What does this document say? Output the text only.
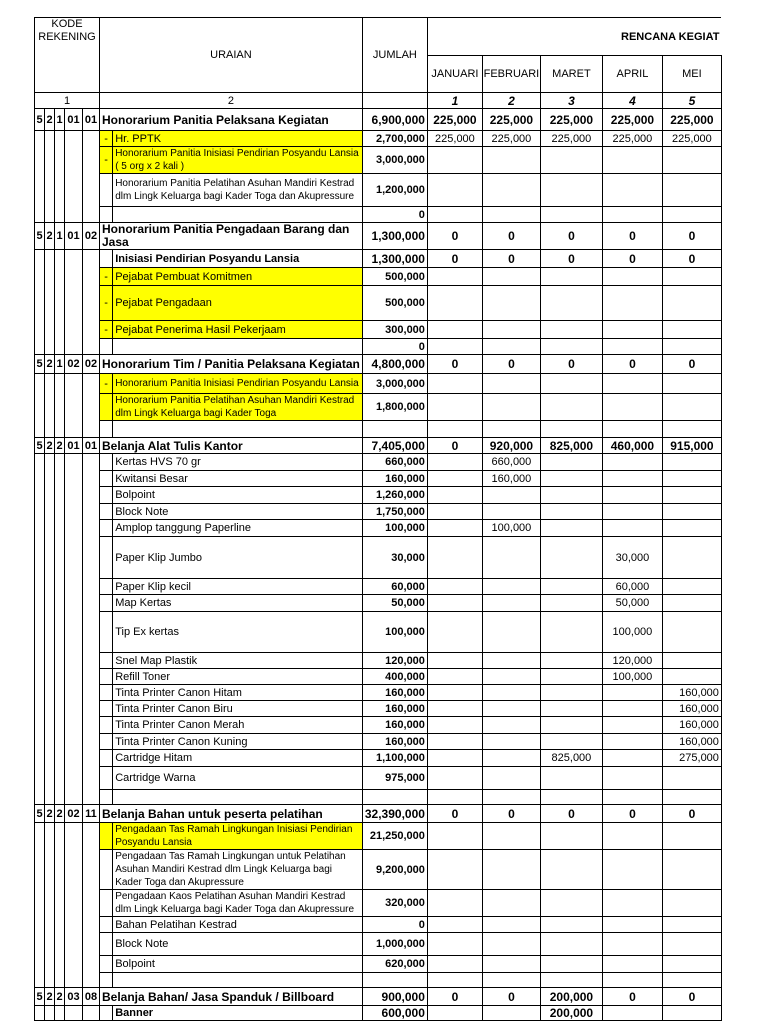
KODE REKENING					URAIAN		JUMLAH	RENCANA KEGIAT				
								JANUARI	FEBRUARI	MARET	APRIL	MEI
1					2			1	2	3	4	5
5	2	1	01	01	Honorarium Panitia Pelaksana Kegiatan		6,900,000	225,000	225,000	225,000	225,000	225,000
					-	Hr. PPTK	2,700,000	225,000	225,000	225,000	225,000	225,000
					-	Honorarium Panitia Inisiasi Pendirian Posyandu Lansia ( 5 org x 2 kali )	3,000,000					
						Honorarium Panitia Pelatihan Asuhan Mandiri Kestrad dlm Lingk Keluarga bagi Kader Toga dan Akupressure	1,200,000					
							0					
5	2	1	01	02	Honorarium Panitia Pengadaan Barang dan Jasa		1,300,000	0	0	0	0	0
						Inisiasi Pendirian Posyandu Lansia	1,300,000	0	0	0	0	0
					-	Pejabat Pembuat Komitmen	500,000					
					-	Pejabat Pengadaan	500,000					
					-	Pejabat Penerima Hasil Pekerjaam	300,000					
							0					
5	2	1	02	02	Honorarium Tim / Panitia Pelaksana Kegiatan		4,800,000	0	0	0	0	0
					-	Honorarium Panitia Inisiasi Pendirian Posyandu Lansia	3,000,000					
						Honorarium Panitia Pelatihan Asuhan Mandiri Kestrad dlm Lingk Keluarga bagi Kader Toga	1,800,000					

5	2	2	01	01	Belanja Alat Tulis Kantor		7,405,000	0	920,000	825,000	460,000	915,000
						Kertas HVS 70 gr	660,000		660,000			
						Kwitansi Besar	160,000		160,000			
						Bolpoint	1,260,000					
						Block Note	1,750,000					
						Amplop tanggung Paperline	100,000		100,000			
						Paper Klip Jumbo	30,000				30,000	
						Paper Klip kecil	60,000				60,000	
						Map Kertas	50,000				50,000	
						Tip Ex kertas	100,000				100,000	
						Snel Map Plastik	120,000				120,000	
						Refill Toner	400,000				100,000	
						Tinta Printer Canon Hitam	160,000					160,000
						Tinta Printer Canon Biru	160,000					160,000
						Tinta Printer Canon Merah	160,000					160,000
						Tinta Printer Canon Kuning	160,000					160,000
						Cartridge Hitam	1,100,000			825,000		275,000
						Cartridge Warna	975,000					

5	2	2	02	11	Belanja Bahan untuk peserta pelatihan		32,390,000	0	0	0	0	0
						Pengadaan Tas Ramah Lingkungan Inisiasi Pendirian Posyandu Lansia	21,250,000					
						Pengadaan Tas Ramah Lingkungan untuk Pelatihan Asuhan Mandiri Kestrad dlm Lingk Keluarga bagi Kader Toga dan Akupressure	9,200,000					
						Pengadaan Kaos Pelatihan Asuhan Mandiri Kestrad dlm Lingk Keluarga bagi Kader Toga dan Akupressure	320,000					
						Bahan Pelatihan Kestrad	0					
						Block Note	1,000,000					
						Bolpoint	620,000					

5	2	2	03	08	Belanja Bahan/ Jasa Spanduk / Billboard		900,000	0	0	200,000	0	0
						Banner	600,000			200,000		
